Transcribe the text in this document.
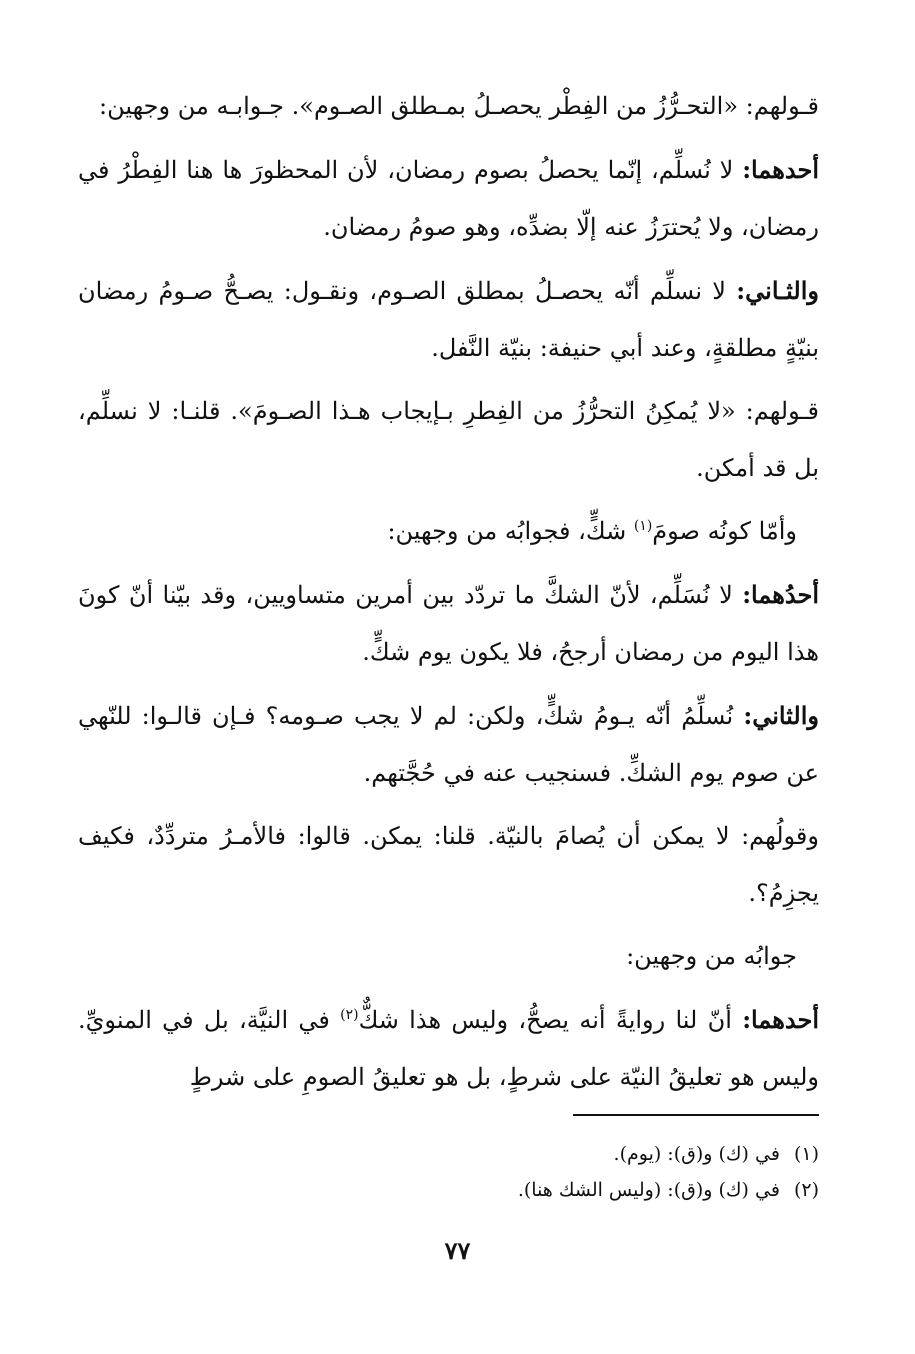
قـولهم: «التحـرُّزُ من الفِطْر يحصـلُ بمـطلق الصـوم». جـوابـه من وجهين:

أحدهما: لا نُسلِّم، إنّما يحصلُ بصوم رمضان، لأن المحظورَ ها هنا الفِطْرُ في رمضان، ولا يُحترَزُ عنه إلّا بضدِّه، وهو صومُ رمضان.

والثـاني: لا نسلِّم أنّه يحصـلُ بمطلق الصـوم، ونقـول: يصـحُّ صـومُ رمضان بنيّةٍ مطلقةٍ، وعند أبي حنيفة: بنيّة النَّفل.

قـولهم: «لا يُمكِنُ التحرُّزُ من الفِطرِ بـإيجاب هـذا الصـومَ». قلنـا: لا نسلِّم، بل قد أمكن.

وأمّا كونُه صومَ$^{(١)}$ شكٍّ، فجوابُه من وجهين:

أحدُهما: لا نُسَلِّم، لأنّ الشكَّ ما تردّد بين أمرين متساويين، وقد بيّنا أنّ كونَ هذا اليوم من رمضان أرجحُ، فلا يكون يوم شكٍّ.

والثاني: نُسلِّمُ أنّه يـومُ شكٍّ، ولكن: لم لا يجب صـومه؟ فـإن قالـوا: للنّهي عن صوم يوم الشكِّ. فسنجيب عنه في حُجَّتهم.

وقولُهم: لا يمكن أن يُصامَ بالنيّة. قلنا: يمكن. قالوا: فالأمـرُ متردِّدٌ، فكيف يجزِمُ؟.

جوابُه من وجهين:

أحدهما: أنّ لنا روايةً أنه يصحُّ، وليس هذا شكٌّ$^{(٢)}$ في النيَّة، بل في المنويِّ. وليس هو تعليقُ النيّة على شرطٍ، بل هو تعليقُ الصومِ على شرطٍ

(١)في (ك) و(ق): (يوم).

(٢)في (ك) و(ق): (وليس الشك هنا).

٧٧
